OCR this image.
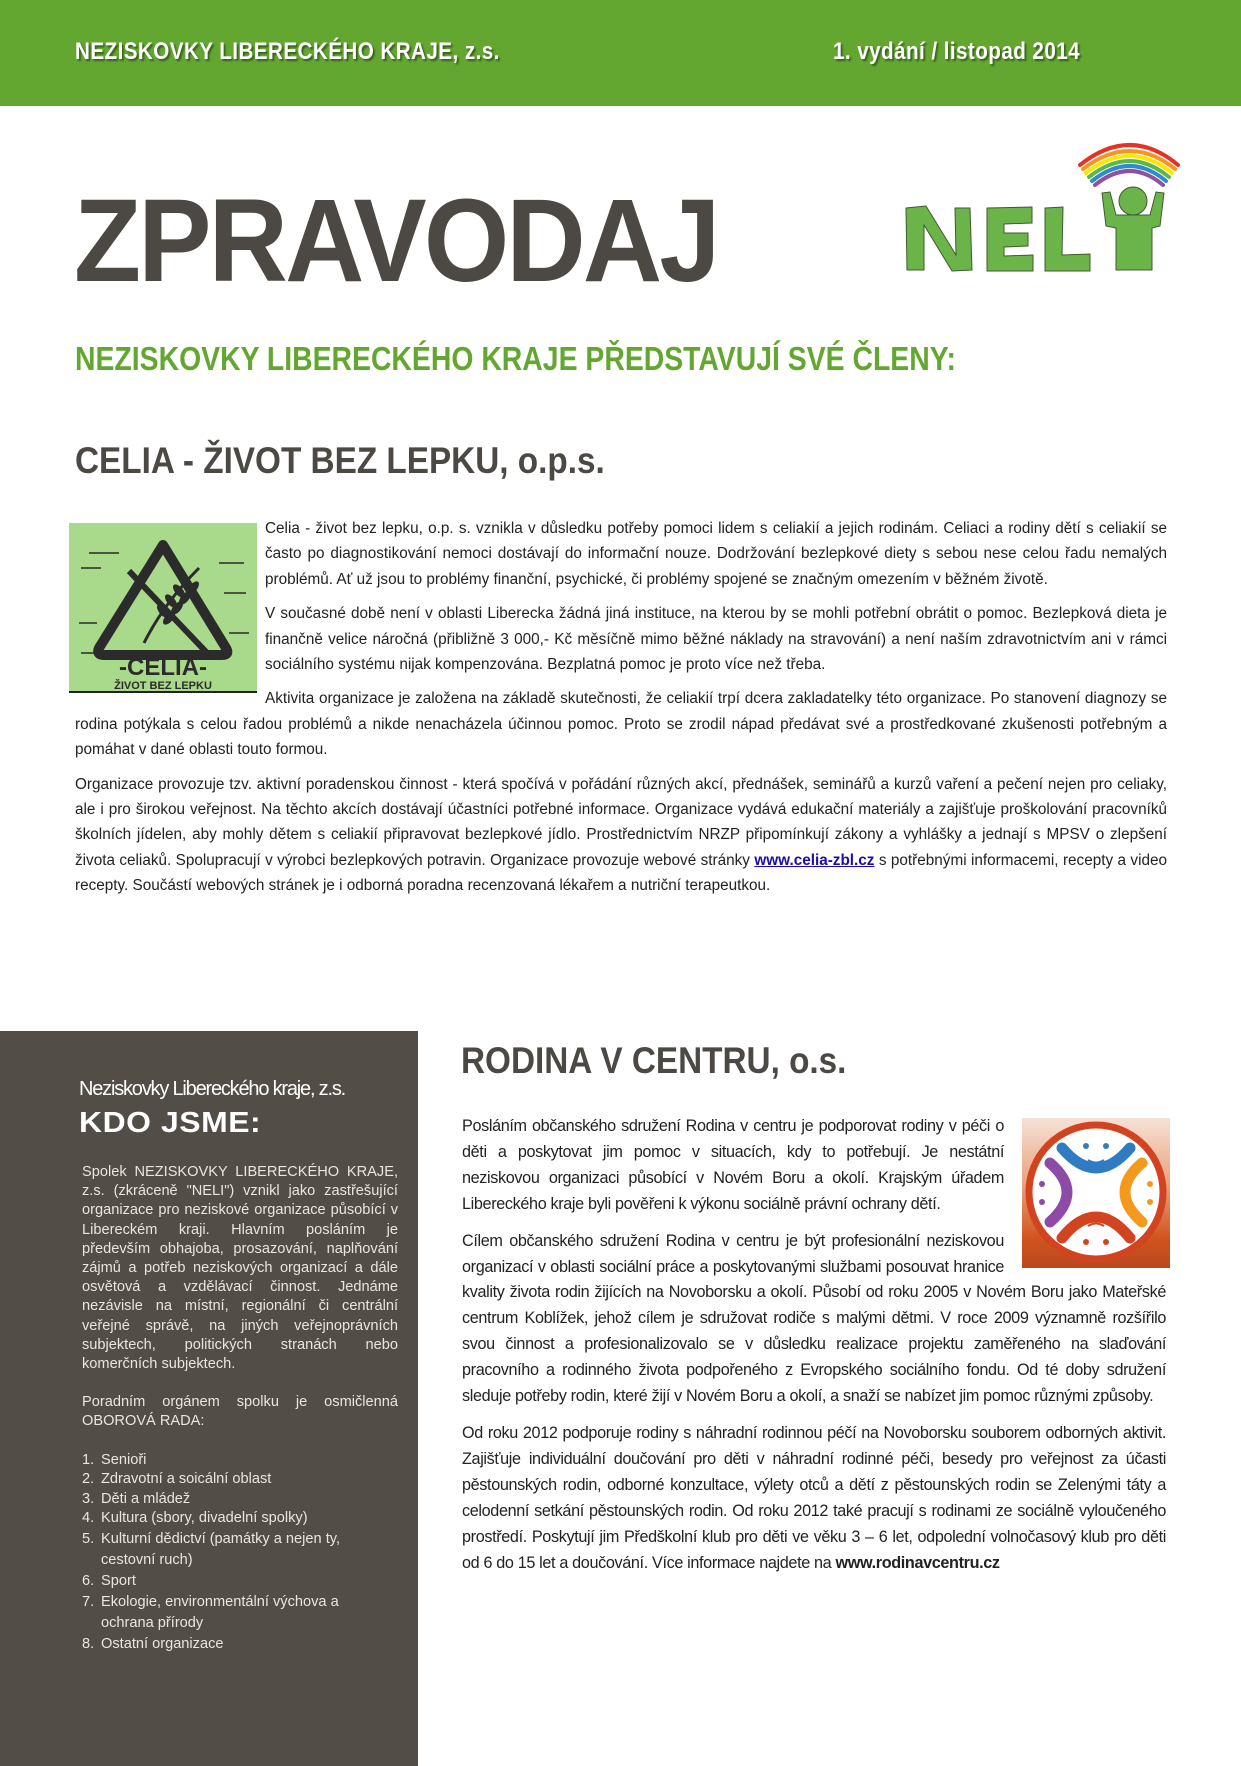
NEZISKOVKY LIBERECKÉHO KRAJE, z.s.	1. vydání / listopad 2014
ZPRAVODAJ
NEZISKOVKY LIBERECKÉHO KRAJE PŘEDSTAVUJÍ SVÉ ČLENY:
CELIA - ŽIVOT BEZ LEPKU, o.p.s.
-CELIA-
ŽIVOT BEZ LEPKU

Celia - život bez lepku, o.p. s. vznikla v důsledku potřeby pomoci lidem s celiakií a jejich rodinám. Celiaci a rodiny dětí s celiakií se často po diagnostikování nemoci dostávají do informační nouze. Dodržování bezlepkové diety s sebou nese celou řadu nemalých problémů. Ať už jsou to problémy finanční, psychické, či problémy spojené se značným omezením v běžném životě.

V současné době není v oblasti Liberecka žádná jiná instituce, na kterou by se mohli potřební obrátit o pomoc. Bezlepková dieta je finančně velice náročná (přibližně 3 000,- Kč měsíčně mimo běžné náklady na stravování) a není naším zdravotnictvím ani v rámci sociálního systému nijak kompenzována. Bezplatná pomoc je proto více než třeba.

Aktivita organizace je založena na základě skutečnosti, že celiakií trpí dcera zakladatelky této organizace. Po stanovení diagnozy se rodina potýkala s celou řadou problémů a nikde nenacházela účinnou pomoc. Proto se zrodil nápad předávat své a prostředkované zkušenosti potřebným a pomáhat v dané oblasti touto formou.

Organizace provozuje tzv. aktivní poradenskou činnost - která spočívá v pořádání různých akcí, přednášek, seminářů a kurzů vaření a pečení nejen pro celiaky, ale i pro širokou veřejnost. Na těchto akcích dostávají účastníci potřebné informace. Organizace vydává edukační materiály a zajišťuje proškolování pracovníků školních jídelen, aby mohly dětem s celiakií připravovat bezlepkové jídlo. Prostřednictvím NRZP připomínkují zákony a vyhlášky a jednají s MPSV o zlepšení života celiaků. Spolupracují v výrobci bezlepkových potravin. Organizace provozuje webové stránky www.celia-zbl.cz s potřebnými informacemi, recepty a video recepty. Součástí webových stránek je i odborná poradna recenzovaná lékařem a nutriční terapeutkou.

Neziskovky Libereckého kraje, z.s.
KDO JSME:

Spolek NEZISKOVKY LIBERECKÉHO KRAJE, z.s. (zkráceně "NELI") vznikl jako zastřešující organizace pro neziskové organizace působící v Libereckém kraji. Hlavním posláním je především obhajoba, prosazování, naplňování zájmů a potřeb neziskových organizací a dále osvětová a vzdělávací činnost. Jednáme nezávisle na místní, regionální či centrální veřejné správě, na jiných veřejnoprávních subjektech, politických stranách nebo komerčních subjektech.

Poradním orgánem spolku je osmičlenná OBOROVÁ RADA:

1. Senioři
2. Zdravotní a soicální oblast
3. Děti a mládež
4. Kultura (sbory, divadelní spolky)
5. Kulturní dědictví (památky a nejen ty, cestovní ruch)
6. Sport
7. Ekologie, environmentální výchova a ochrana přírody
8. Ostatní organizace
RODINA V CENTRU, o.s.

Posláním občanského sdružení Rodina v centru je podporovat rodiny v péči o děti a poskytovat jim pomoc v situacích, kdy to potřebují. Je nestátní neziskovou organizaci působící v Novém Boru a okolí. Krajským úřadem Libereckého kraje byli pověřeni k výkonu sociálně právní ochrany dětí.

Cílem občanského sdružení Rodina v centru je být profesionální neziskovou organizací v oblasti sociální práce a poskytovanými službami posouvat hranice kvality života rodin žijících na Novoborsku a okolí. Působí od roku 2005 v Novém Boru jako Mateřské centrum Koblížek, jehož cílem je sdružovat rodiče s malými dětmi. V roce 2009 významně rozšířilo svou činnost a profesionalizovalo se v důsledku realizace projektu zaměřeného na slaďování pracovního a rodinného života podpořeného z Evropského sociálního fondu. Od té doby sdružení sleduje potřeby rodin, které žijí v Novém Boru a okolí, a snaží se nabízet jim pomoc různými způsoby.

Od roku 2012 podporuje rodiny s náhradní rodinnou péčí na Novoborsku souborem odborných aktivit. Zajišťuje individuální doučování pro děti v náhradní rodinné péči, besedy pro veřejnost za účasti pěstounských rodin, odborné konzultace, výlety otců a dětí z pěstounských rodin se Zelenými táty a celodenní setkání pěstounských rodin. Od roku 2012 také pracují s rodinami ze sociálně vyloučeného prostředí. Poskytují jim Předškolní klub pro děti ve věku 3 – 6 let, odpolední volnočasový klub pro děti od 6 do 15 let a doučování. Více informace najdete na www.rodinavcentru.cz
